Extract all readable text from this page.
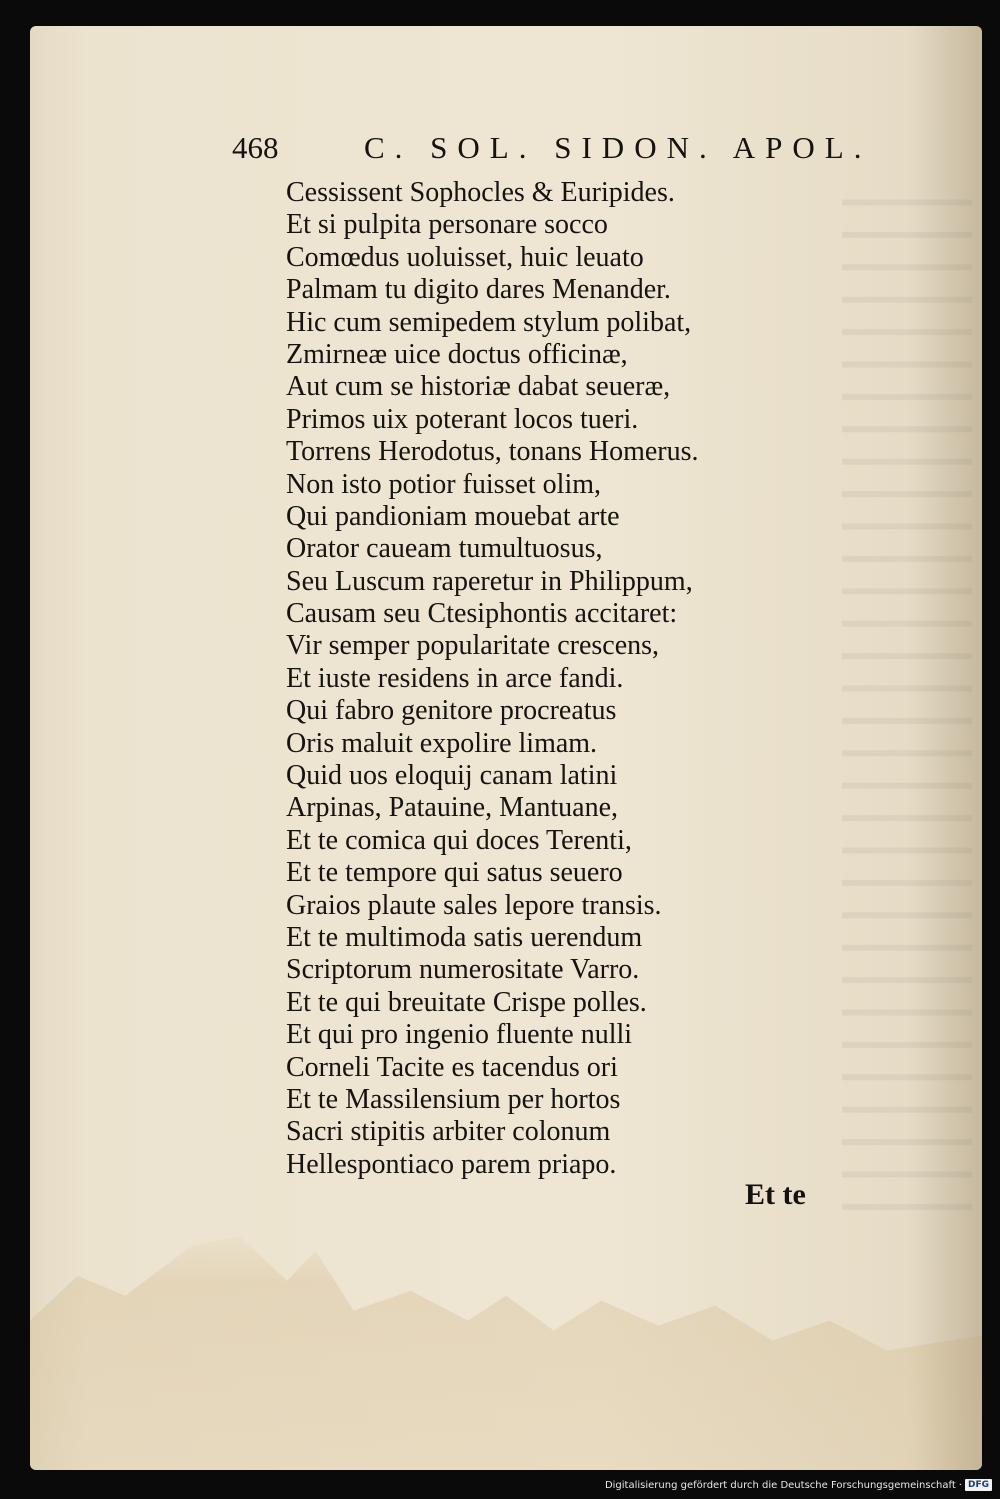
468	C. SOL. SIDON. APOL.
Cessissent Sophocles & Euripides.
Et si pulpita personare socco
Comœdus uoluisset, huic leuato
Palmam tu digito dares Menander.
Hic cum semipedem stylum polibat,
Zmirneæ uice doctus officinæ,
Aut cum se historiæ dabat seueræ,
Primos uix poterant locos tueri.
Torrens Herodotus, tonans Homerus.
Non isto potior fuisset olim,
Qui pandioniam mouebat arte
Orator caueam tumultuosus,
Seu Luscum raperetur in Philippum,
Causam seu Ctesiphontis accitaret:
Vir semper popularitate crescens,
Et iuste residens in arce fandi.
Qui fabro genitore procreatus
Oris maluit expolire limam.
Quid uos eloquij canam latini
Arpinas, Patauine, Mantuane,
Et te comica qui doces Terenti,
Et te tempore qui satus seuero
Graios plaute sales lepore transis.
Et te multimoda satis uerendum
Scriptorum numerositate Varro.
Et te qui breuitate Crispe polles.
Et qui pro ingenio fluente nulli
Corneli Tacite es tacendus ori
Et te Massilensium per hortos
Sacri stipitis arbiter colonum
Hellespontiaco parem priapo.
Et te
Digitalisierung gefördert durch die Deutsche Forschungsgemeinschaft · DFG
